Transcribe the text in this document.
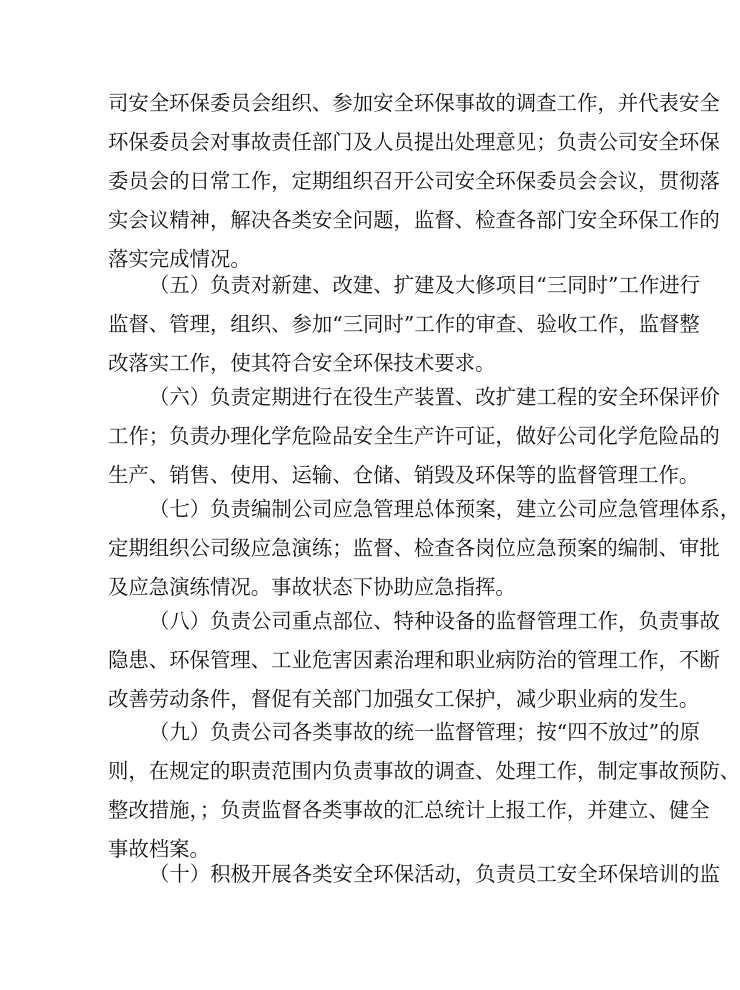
司安全环保委员会组织、参加安全环保事故的调查工作，并代表安全
环保委员会对事故责任部门及人员提出处理意见；负责公司安全环保
委员会的日常工作，定期组织召开公司安全环保委员会会议，贯彻落
实会议精神，解决各类安全问题，监督、检查各部门安全环保工作的
落实完成情况。
（五）负责对新建、改建、扩建及大修项目“三同时”工作进行
监督、管理，组织、参加“三同时”工作的审查、验收工作，监督整
改落实工作，使其符合安全环保技术要求。
（六）负责定期进行在役生产装置、改扩建工程的安全环保评价
工作；负责办理化学危险品安全生产许可证，做好公司化学危险品的
生产、销售、使用、运输、仓储、销毁及环保等的监督管理工作。
（七）负责编制公司应急管理总体预案，建立公司应急管理体系，
定期组织公司级应急演练；监督、检查各岗位应急预案的编制、审批
及应急演练情况。事故状态下协助应急指挥。
（八）负责公司重点部位、特种设备的监督管理工作，负责事故
隐患、环保管理、工业危害因素治理和职业病防治的管理工作，不断
改善劳动条件，督促有关部门加强女工保护，减少职业病的发生。
（九）负责公司各类事故的统一监督管理；按“四不放过”的原
则，在规定的职责范围内负责事故的调查、处理工作，制定事故预防、
整改措施，；负责监督各类事故的汇总统计上报工作，并建立、健全
事故档案。
（十）积极开展各类安全环保活动，负责员工安全环保培训的监
